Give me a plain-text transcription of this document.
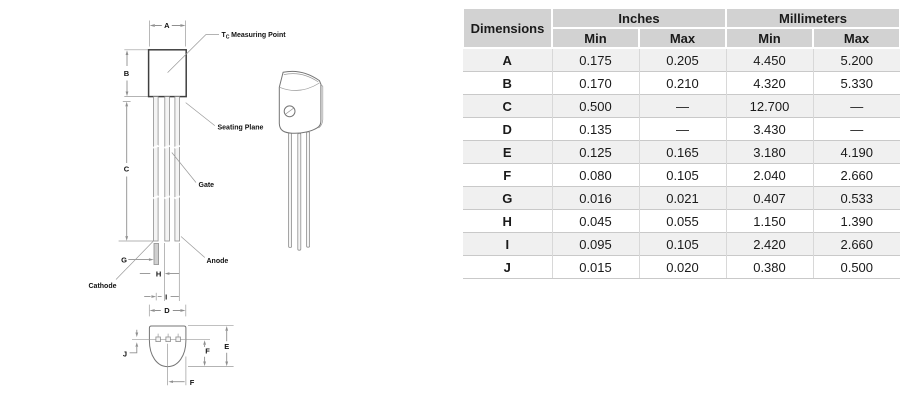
A
B
$T_C$ Measuring Point
Seating Plane
C
Gate
G
Cathode
Anode
H
I
D
J
E
F
F
Dimensions	Inches		Millimeters	
	Min	Max	Min	Max
A	0.175	0.205	4.450	5.200
B	0.170	0.210	4.320	5.330
C	0.500	—	12.700	—
D	0.135	—	3.430	—
E	0.125	0.165	3.180	4.190
F	0.080	0.105	2.040	2.660
G	0.016	0.021	0.407	0.533
H	0.045	0.055	1.150	1.390
I	0.095	0.105	2.420	2.660
J	0.015	0.020	0.380	0.500
